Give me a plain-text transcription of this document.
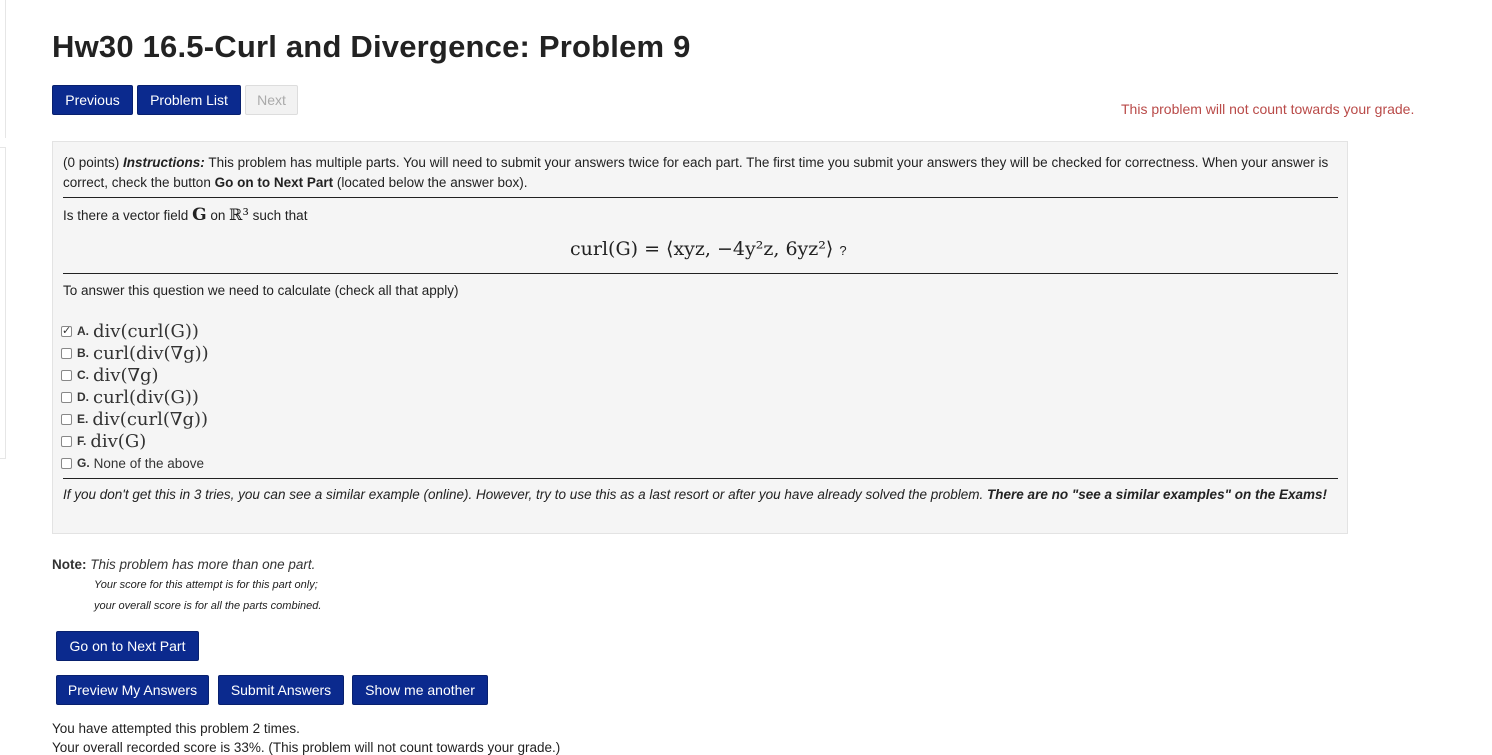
Hw30 16.5-Curl and Divergence: Problem 9
Previous	Problem List	Next
This problem will not count towards your grade.
(0 points) Instructions: This problem has multiple parts. You will need to submit your answers twice for each part. The first time you submit your answers they will be checked for correctness. When your answer is correct, check the button Go on to Next Part (located below the answer box).
Is there a vector field G on ℝ³ such that
curl(G) = ⟨xyz, −4y²z, 6yz²⟩ ?
To answer this question we need to calculate (check all that apply)
✓
A. div(curl(G))
B. curl(div(∇g))
C. div(∇g)
D. curl(div(G))
E. div(curl(∇g))
F. div(G)
G. None of the above
If you don't get this in 3 tries, you can see a similar example (online). However, try to use this as a last resort or after you have already solved the problem. There are no "see a similar examples" on the Exams!
Note: This problem has more than one part.
Your score for this attempt is for this part only;
your overall score is for all the parts combined.
Go on to Next Part
Preview My Answers	Submit Answers	Show me another
You have attempted this problem 2 times.
Your overall recorded score is 33%. (This problem will not count towards your grade.)
